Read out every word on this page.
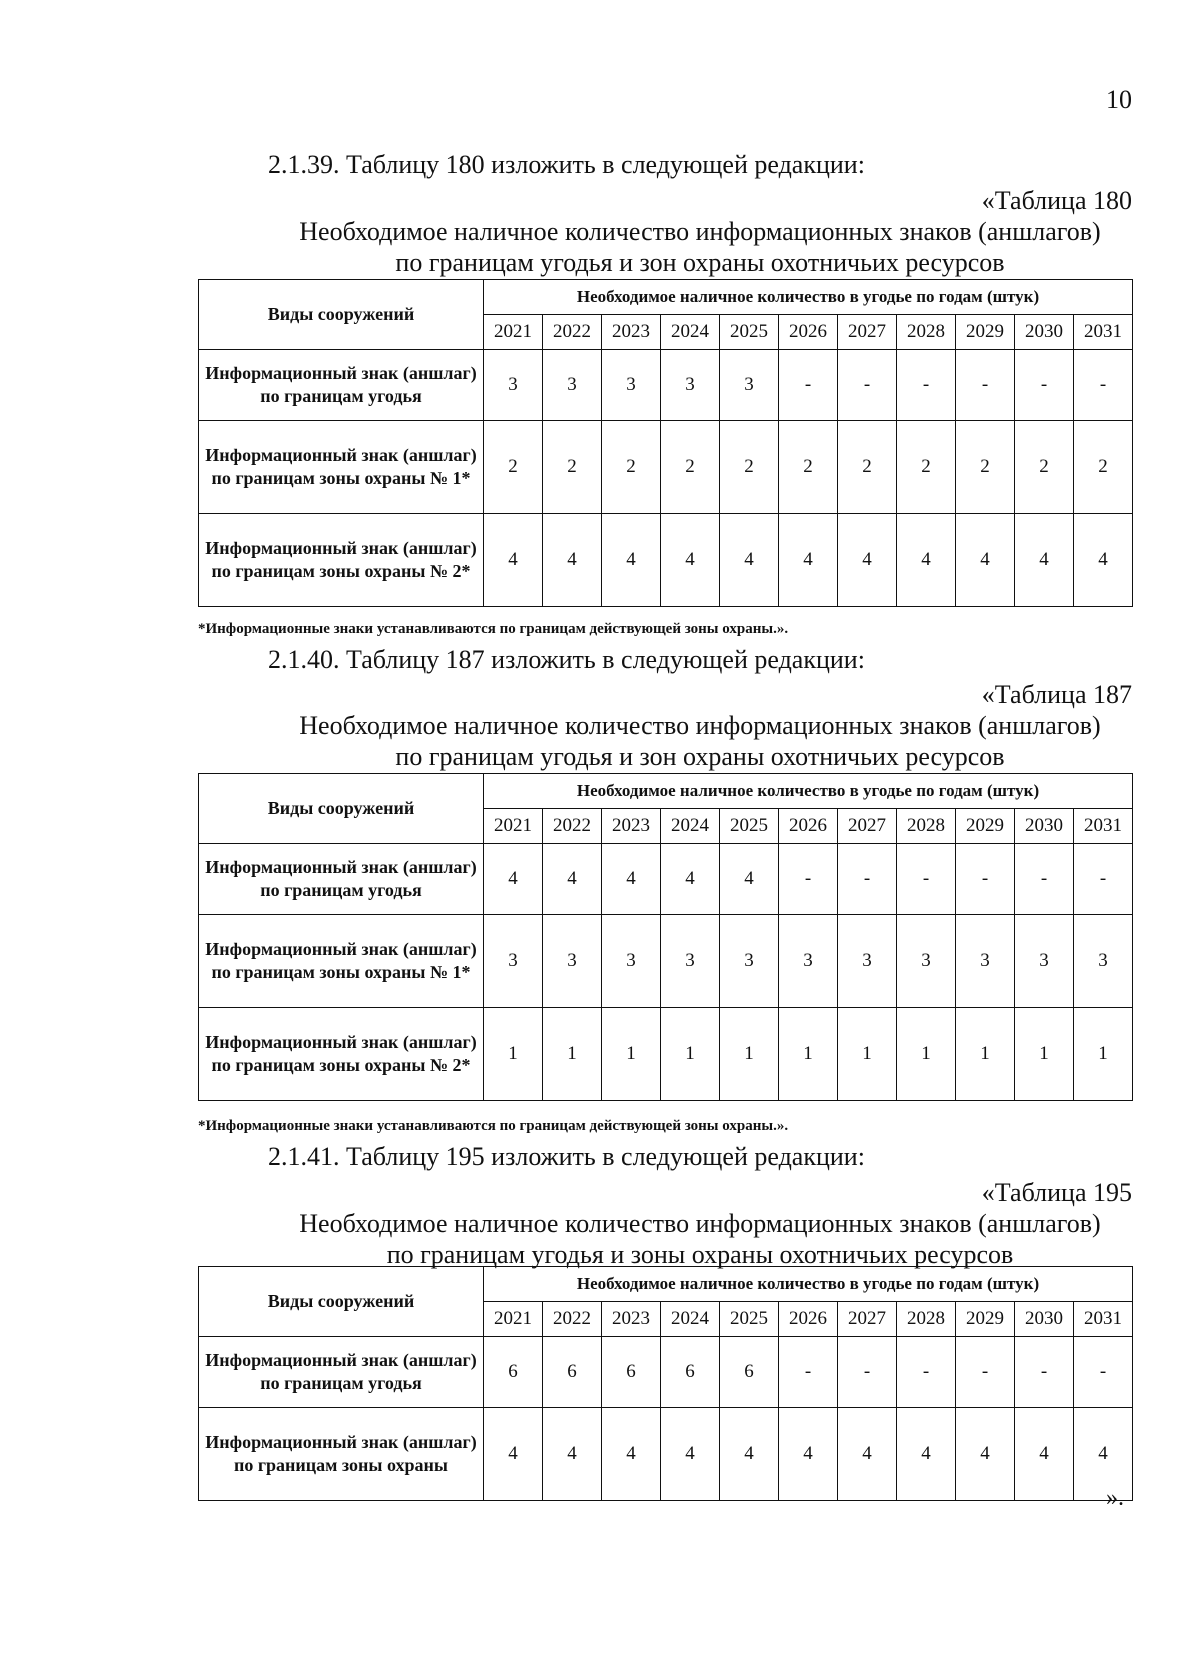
10
2.1.39. Таблицу 180 изложить в следующей редакции:
«Таблица 180
Необходимое наличное количество информационных знаков (аншлагов)
по границам угодья и зон охраны охотничьих ресурсов
Виды сооружений	Необходимое наличное количество в угодье по годам (штук)										
	2021	2022	2023	2024	2025	2026	2027	2028	2029	2030	2031
Информационный знак (аншлаг) по границам угодья	3	3	3	3	3	-	-	-	-	-	-
Информационный знак (аншлаг) по границам зоны охраны № 1*	2	2	2	2	2	2	2	2	2	2	2
Информационный знак (аншлаг) по границам зоны охраны № 2*	4	4	4	4	4	4	4	4	4	4	4
*Информационные знаки устанавливаются по границам действующей зоны охраны.».
2.1.40. Таблицу 187 изложить в следующей редакции:
«Таблица 187
Необходимое наличное количество информационных знаков (аншлагов)
по границам угодья и зон охраны охотничьих ресурсов
Виды сооружений	Необходимое наличное количество в угодье по годам (штук)										
	2021	2022	2023	2024	2025	2026	2027	2028	2029	2030	2031
Информационный знак (аншлаг) по границам угодья	4	4	4	4	4	-	-	-	-	-	-
Информационный знак (аншлаг) по границам зоны охраны № 1*	3	3	3	3	3	3	3	3	3	3	3
Информационный знак (аншлаг) по границам зоны охраны № 2*	1	1	1	1	1	1	1	1	1	1	1
*Информационные знаки устанавливаются по границам действующей зоны охраны.».
2.1.41. Таблицу 195 изложить в следующей редакции:
«Таблица 195
Необходимое наличное количество информационных знаков (аншлагов)
по границам угодья и зоны охраны охотничьих ресурсов
Виды сооружений	Необходимое наличное количество в угодье по годам (штук)										
	2021	2022	2023	2024	2025	2026	2027	2028	2029	2030	2031
Информационный знак (аншлаг) по границам угодья	6	6	6	6	6	-	-	-	-	-	-
Информационный знак (аншлаг) по границам зоны охраны	4	4	4	4	4	4	4	4	4	4	4
».
